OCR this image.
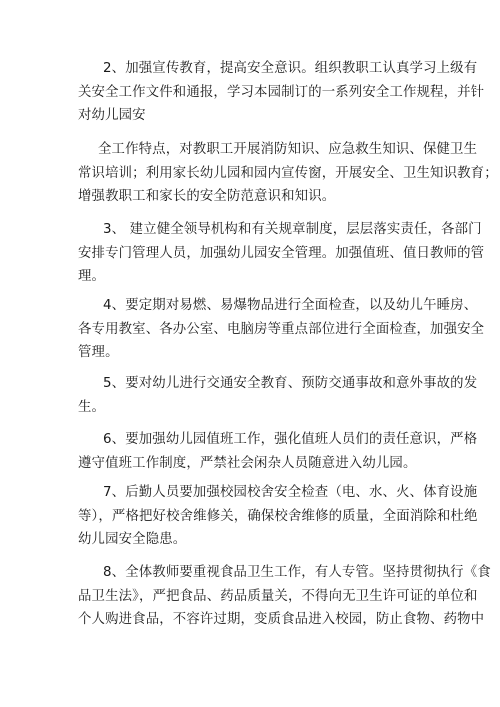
2、加强宣传教育，提高安全意识。组织教职工认真学习上级有
关安全工作文件和通报，学习本园制订的一系列安全工作规程，并针
对幼儿园安

全工作特点，对教职工开展消防知识、应急救生知识、保健卫生
常识培训；利用家长幼儿园和园内宣传窗，开展安全、卫生知识教育；
增强教职工和家长的安全防范意识和知识。

3、 建立健全领导机构和有关规章制度，层层落实责任，各部门
安排专门管理人员，加强幼儿园安全管理。加强值班、值日教师的管
理。

4、要定期对易燃、易爆物品进行全面检查，以及幼儿午睡房、
各专用教室、各办公室、电脑房等重点部位进行全面检查，加强安全
管理。

5、要对幼儿进行交通安全教育、预防交通事故和意外事故的发
生。

6、要加强幼儿园值班工作，强化值班人员们的责任意识，严格
遵守值班工作制度，严禁社会闲杂人员随意进入幼儿园。

7、后勤人员要加强校园校舍安全检查（电、水、火、体育设施
等），严格把好校舍维修关，确保校舍维修的质量，全面消除和杜绝
幼儿园安全隐患。

8、全体教师要重视食品卫生工作，有人专管。坚持贯彻执行《食
品卫生法》，严把食品、药品质量关，不得向无卫生许可证的单位和
个人购进食品，不容许过期，变质食品进入校园，防止食物、药物中
